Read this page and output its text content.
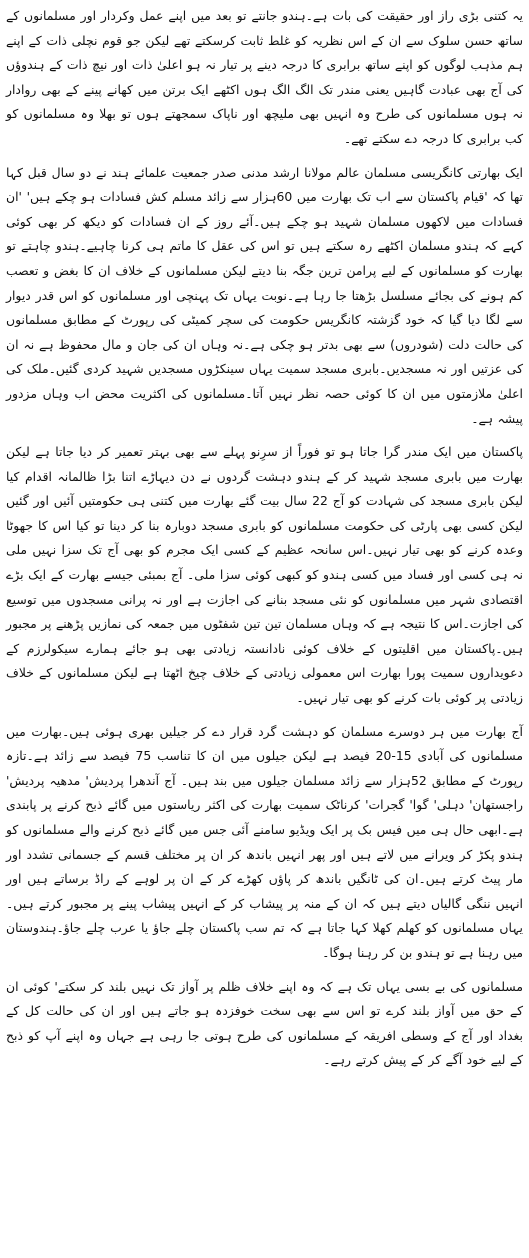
یہ کتنی بڑی راز اور حقیقت کی بات ہے۔ہندو جانتے تو بعد میں اپنے عمل وکردار اور مسلمانوں کے ساتھ حسن سلوک سے ان کے اس نظریہ کو غلط ثابت کرسکتے تھے لیکن جو قوم نچلی ذات کے اپنے ہم مذہب لوگوں کو اپنے ساتھ برابری کا درجہ دینے پر تیار نہ ہو اعلیٰ ذات اور نیچ ذات کے ہندوؤں کی آج بھی عبادت گاہیں یعنی مندر تک الگ الگ ہوں اکٹھے ایک برتن میں کھانے پینے کے بھی روادار نہ ہوں مسلمانوں کی طرح وہ انہیں بھی ملیچھ اور ناپاک سمجھتے ہوں تو بھلا وہ مسلمانوں کو کب برابری کا درجہ دے سکتے تھے۔

ایک بھارتی کانگریسی مسلمان عالم مولانا ارشد مدنی صدر جمعیت علمائے ہند نے دو سال قبل کہا تھا کہ 'قیام پاکستان سے اب تک بھارت میں 60ہزار سے زائد مسلم کش فسادات ہو چکے ہیں' 'ان فسادات میں لاکھوں مسلمان شہید ہو چکے ہیں۔آئے روز کے ان فسادات کو دیکھ کر بھی کوئی کہے کہ ہندو مسلمان اکٹھے رہ سکتے ہیں تو اس کی عقل کا ماتم ہی کرنا چاہیے۔ہندو چاہتے تو بھارت کو مسلمانوں کے لیے پرامن ترین جگہ بنا دیتے لیکن مسلمانوں کے خلاف ان کا بغض و تعصب کم ہونے کی بجائے مسلسل بڑھتا جا رہا ہے۔نوبت یہاں تک پہنچی اور مسلمانوں کو اس قدر دیوار سے لگا دیا گیا کہ خود گزشتہ کانگریس حکومت کی سچر کمیٹی کی رپورٹ کے مطابق مسلمانوں کی حالت دلت (شودروں) سے بھی بدتر ہو چکی ہے۔نہ وہاں ان کی جان و مال محفوظ ہے نہ ان کی عزتیں اور نہ مسجدیں۔بابری مسجد سمیت یہاں سینکڑوں مسجدیں شہید کردی گئیں۔ملک کی اعلیٰ ملازمتوں میں ان کا کوئی حصہ نظر نہیں آتا۔مسلمانوں کی اکثریت محض اب وہاں مزدور پیشہ ہے۔

پاکستان میں ایک مندر گرا جاتا ہو تو فوراً از سرِنو پہلے سے بھی بہتر تعمیر کر دیا جاتا ہے لیکن بھارت میں بابری مسجد شہید کر کے ہندو دہشت گردوں نے دن دیہاڑے اتنا بڑا ظالمانہ اقدام کیا لیکن بابری مسجد کی شہادت کو آج 22 سال بیت گئے بھارت میں کتنی ہی حکومتیں آئیں اور گئیں لیکن کسی بھی پارٹی کی حکومت مسلمانوں کو بابری مسجد دوبارہ بنا کر دینا تو کیا اس کا جھوٹا وعدہ کرنے کو بھی تیار نہیں۔اس سانحہ عظیم کے کسی ایک مجرم کو بھی آج تک سزا نہیں ملی نہ ہی کسی اور فساد میں کسی ہندو کو کبھی کوئی سزا ملی۔ آج بمبئی جیسے بھارت کے ایک بڑے اقتصادی شہر میں مسلمانوں کو نئی مسجد بنانے کی اجازت ہے اور نہ پرانی مسجدوں میں توسیع کی اجازت۔اس کا نتیجہ ہے کہ وہاں مسلمان تین تین شفٹوں میں جمعہ کی نمازیں پڑھنے پر مجبور ہیں۔پاکستان میں اقلیتوں کے خلاف کوئی نادانستہ زیادتی بھی ہو جائے ہمارے سیکولرزم کے دعویداروں سمیت پورا بھارت اس معمولی زیادتی کے خلاف چیخ اٹھتا ہے لیکن مسلمانوں کے خلاف زیادتی پر کوئی بات کرنے کو بھی تیار نہیں۔

آج بھارت میں ہر دوسرے مسلمان کو دہشت گرد قرار دے کر جیلیں بھری ہوئی ہیں۔بھارت میں مسلمانوں کی آبادی 15-20 فیصد ہے لیکن جیلوں میں ان کا تناسب 75 فیصد سے زائد ہے۔تازہ رپورٹ کے مطابق 52ہزار سے زائد مسلمان جیلوں میں بند ہیں۔ آج آندھرا پردیش' مدھیہ پردیش' راجستھان' دہلی' گوا' گجرات' کرناٹک سمیت بھارت کی اکثر ریاستوں میں گائے ذبح کرنے پر پابندی ہے۔ابھی حال ہی میں فیس بک پر ایک ویڈیو سامنے آئی جس میں گائے ذبح کرنے والے مسلمانوں کو ہندو پکڑ کر ویرانے میں لاتے ہیں اور پھر انہیں باندھ کر ان پر مختلف قسم کے جسمانی تشدد اور مار پیٹ کرتے ہیں۔ان کی ٹانگیں باندھ کر پاؤں کھڑے کر کے ان پر لوہے کے راڈ برساتے ہیں اور انہیں ننگی گالیاں دیتے ہیں کہ ان کے منہ پر پیشاب کر کے انہیں پیشاب پینے پر مجبور کرتے ہیں۔یہاں مسلمانوں کو کھلم کھلا کہا جاتا ہے کہ تم سب پاکستان چلے جاؤ یا عرب چلے جاؤ۔ہندوستان میں رہنا ہے تو ہندو بن کر رہنا ہوگا۔

مسلمانوں کی بے بسی یہاں تک ہے کہ وہ اپنے خلاف ظلم پر آواز تک نہیں بلند کر سکتے' کوئی ان کے حق میں آواز بلند کرے تو اس سے بھی سخت خوفزدہ ہو جاتے ہیں اور ان کی حالت کل کے بغداد اور آج کے وسطی افریقہ کے مسلمانوں کی طرح ہوتی جا رہی ہے جہاں وہ اپنے آپ کو ذبح کے لیے خود آگے کر کے پیش کرتے رہے۔
